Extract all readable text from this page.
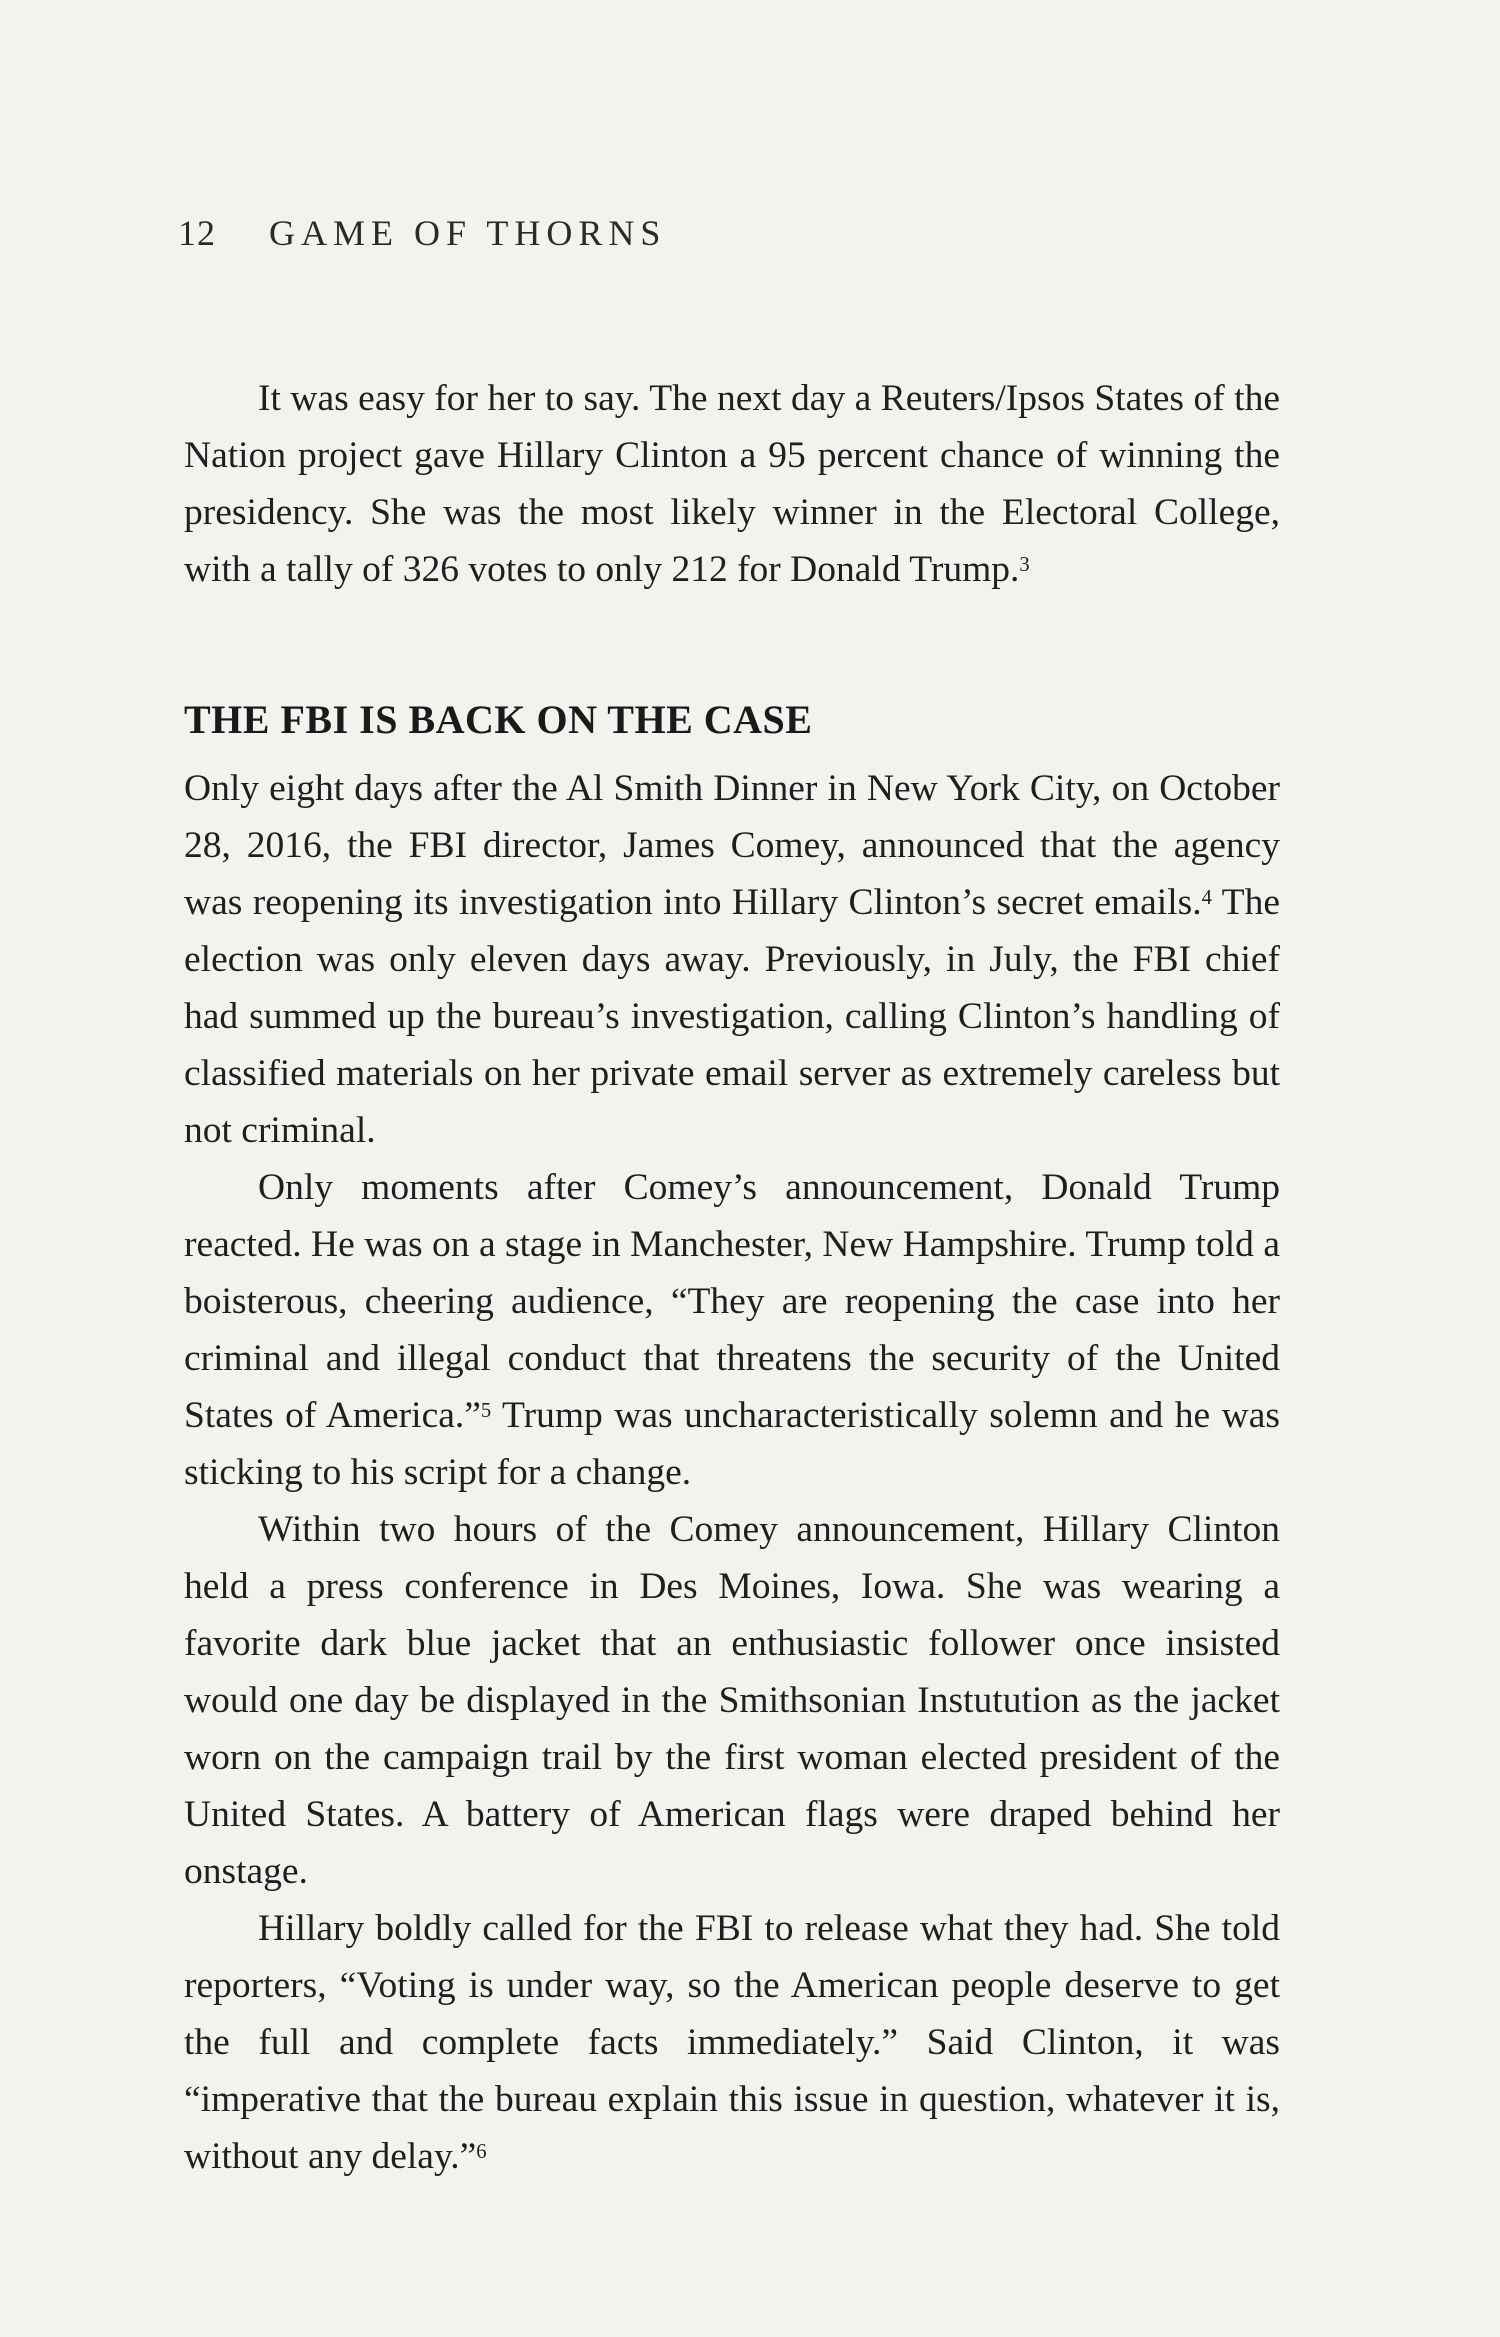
12 GAME OF THORNS

It was easy for her to say. The next day a Reuters/Ipsos States of the Nation project gave Hillary Clinton a 95 percent chance of winning the presidency. She was the most likely winner in the Electoral College, with a tally of 326 votes to only 212 for Donald Trump.$^3$

THE FBI IS BACK ON THE CASE

Only eight days after the Al Smith Dinner in New York City, on October 28, 2016, the FBI director, James Comey, announced that the agency was reopening its investigation into Hillary Clinton’s secret emails.$^4$ The election was only eleven days away. Previously, in July, the FBI chief had summed up the bureau’s investigation, calling Clinton’s handling of classified materials on her private email server as extremely careless but not criminal.

Only moments after Comey’s announcement, Donald Trump reacted. He was on a stage in Manchester, New Hampshire. Trump told a boisterous, cheering audience, “They are reopening the case into her criminal and illegal conduct that threatens the security of the United States of America.”$^5$ Trump was uncharacteristically solemn and he was sticking to his script for a change.

Within two hours of the Comey announcement, Hillary Clinton held a press conference in Des Moines, Iowa. She was wearing a favorite dark blue jacket that an enthusiastic follower once insisted would one day be displayed in the Smithsonian Instutution as the jacket worn on the campaign trail by the first woman elected president of the United States. A battery of American flags were draped behind her onstage.

Hillary boldly called for the FBI to release what they had. She told reporters, “Voting is under way, so the American people deserve to get the full and complete facts immediately.” Said Clinton, it was “imperative that the bureau explain this issue in question, whatever it is, without any delay.”$^6$
